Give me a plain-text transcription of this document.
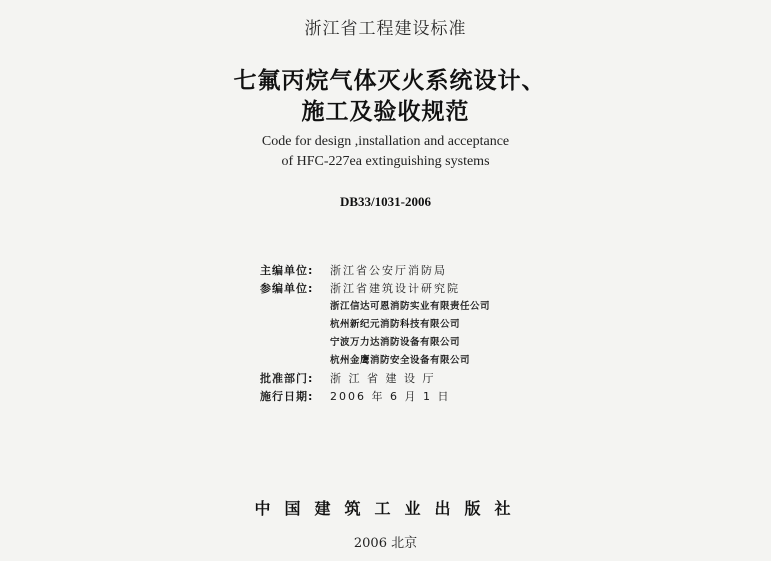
浙江省工程建设标准
七氟丙烷气体灭火系统设计、
施工及验收规范
Code for design ,installation and acceptance
of HFC-227ea extinguishing systems
DB33/1031-2006
主编单位: 浙江省公安厅消防局
参编单位: 浙江省建筑设计研究院
浙江信达可恩消防实业有限责任公司
杭州新纪元消防科技有限公司
宁波万力达消防设备有限公司
杭州金鹰消防安全设备有限公司
批准部门: 浙 江 省 建 设 厅
施行日期: 2006 年 6 月 1 日
中国建筑工业出版社
2006 北京
